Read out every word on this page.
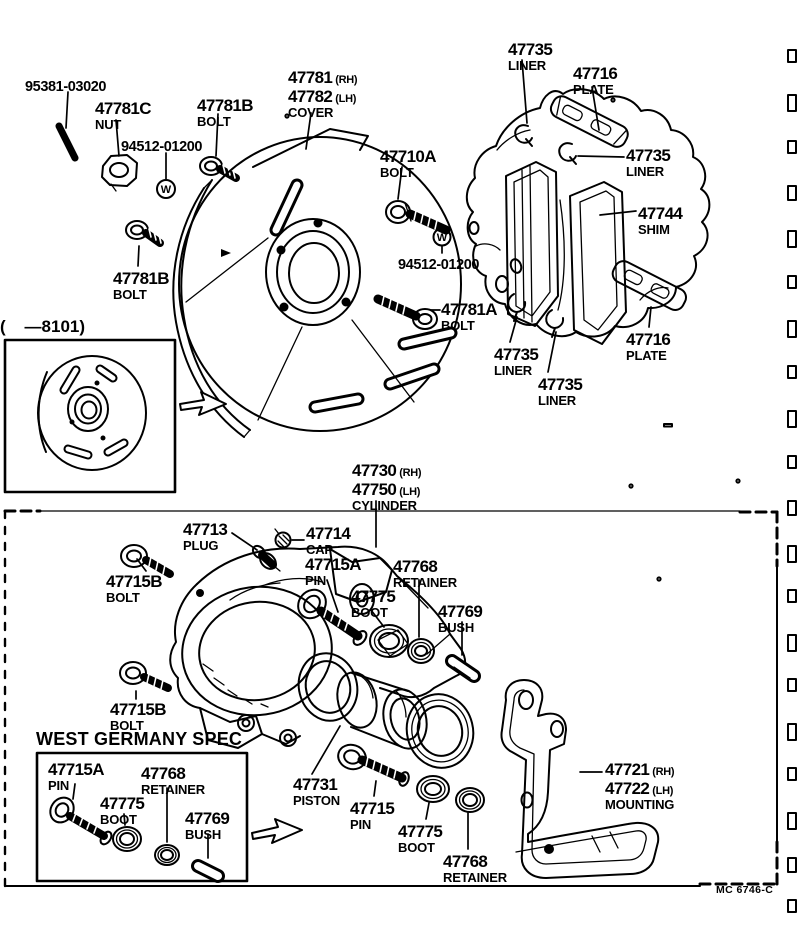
W
W
95381-03020
47781C
NUT
94512-01200
47781B
BOLT
47781 (RH)
47782 (LH)
COVER
47710A
BOLT
94512-01200
47781A
BOLT
47735
LINER	47716
PLATE
47735
LINER
47744
SHIM
47716
PLATE
47735
LINER
47735
LINER
47781B
BOLT
47730 (RH)
47750 (LH)
CYLINDER
47713
PLUG
47714
CAP
47715B
BOLT
47715A
PIN
47775
BOOT
47768
RETAINER
47769
BUSH
47715B
BOLT
47715A
PIN
47768
RETAINER
47775
BOOT	47769
BUSH
47731
PISTON 47715
PIN	47775
BOOT
47768
RETAINER
47721 (RH)
47722 (LH)
MOUNTING
(    —8101)
WEST GERMANY SPEC
MC 6746-C
